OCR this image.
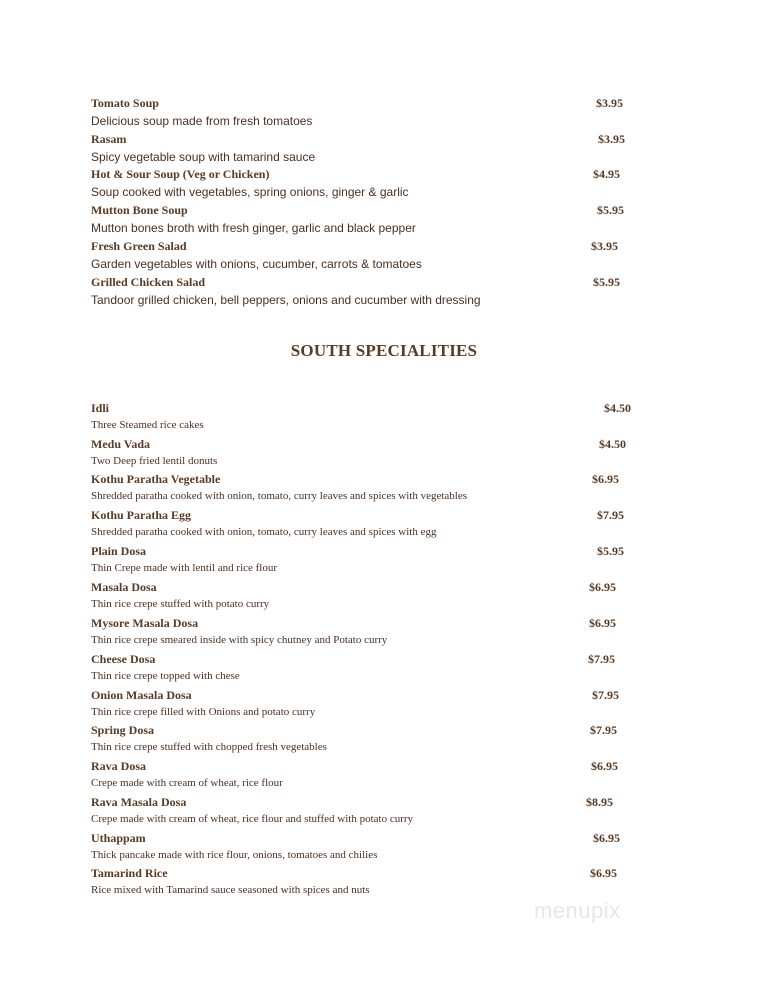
Tomato Soup	$3.95
Delicious soup made from fresh tomatoes
Rasam	$3.95
Spicy vegetable soup with tamarind sauce
Hot & Sour Soup (Veg or Chicken)	$4.95
Soup cooked with vegetables, spring onions, ginger & garlic
Mutton Bone Soup	$5.95
Mutton bones broth with fresh ginger, garlic and black pepper
Fresh Green Salad	$3.95
Garden vegetables with onions, cucumber, carrots & tomatoes
Grilled Chicken Salad	$5.95
Tandoor grilled chicken, bell peppers, onions and cucumber with dressing
SOUTH SPECIALITIES
Idli	$4.50
Three Steamed rice cakes
Medu Vada	$4.50
Two Deep fried lentil donuts
Kothu Paratha Vegetable	$6.95
Shredded paratha cooked with onion, tomato, curry leaves and spices with vegetables
Kothu Paratha Egg	$7.95
Shredded paratha cooked with onion, tomato, curry leaves and spices with egg
Plain Dosa	$5.95
Thin Crepe made with lentil and rice flour
Masala Dosa	$6.95
Thin rice crepe stuffed with potato curry
Mysore Masala Dosa	$6.95
Thin rice crepe smeared inside with spicy chutney and Potato curry
Cheese Dosa	$7.95
Thin rice crepe topped with chese
Onion Masala Dosa	$7.95
Thin rice crepe filled with Onions and potato curry
Spring Dosa	$7.95
Thin rice crepe stuffed with chopped fresh vegetables
Rava Dosa	$6.95
Crepe made with cream of wheat, rice flour
Rava Masala Dosa	$8.95
Crepe made with cream of wheat, rice flour and stuffed with potato curry
Uthappam	$6.95
Thick pancake made with rice flour, onions, tomatoes and chilies
Tamarind Rice	$6.95
Rice mixed with Tamarind sauce seasoned with spices and nuts
menupix
